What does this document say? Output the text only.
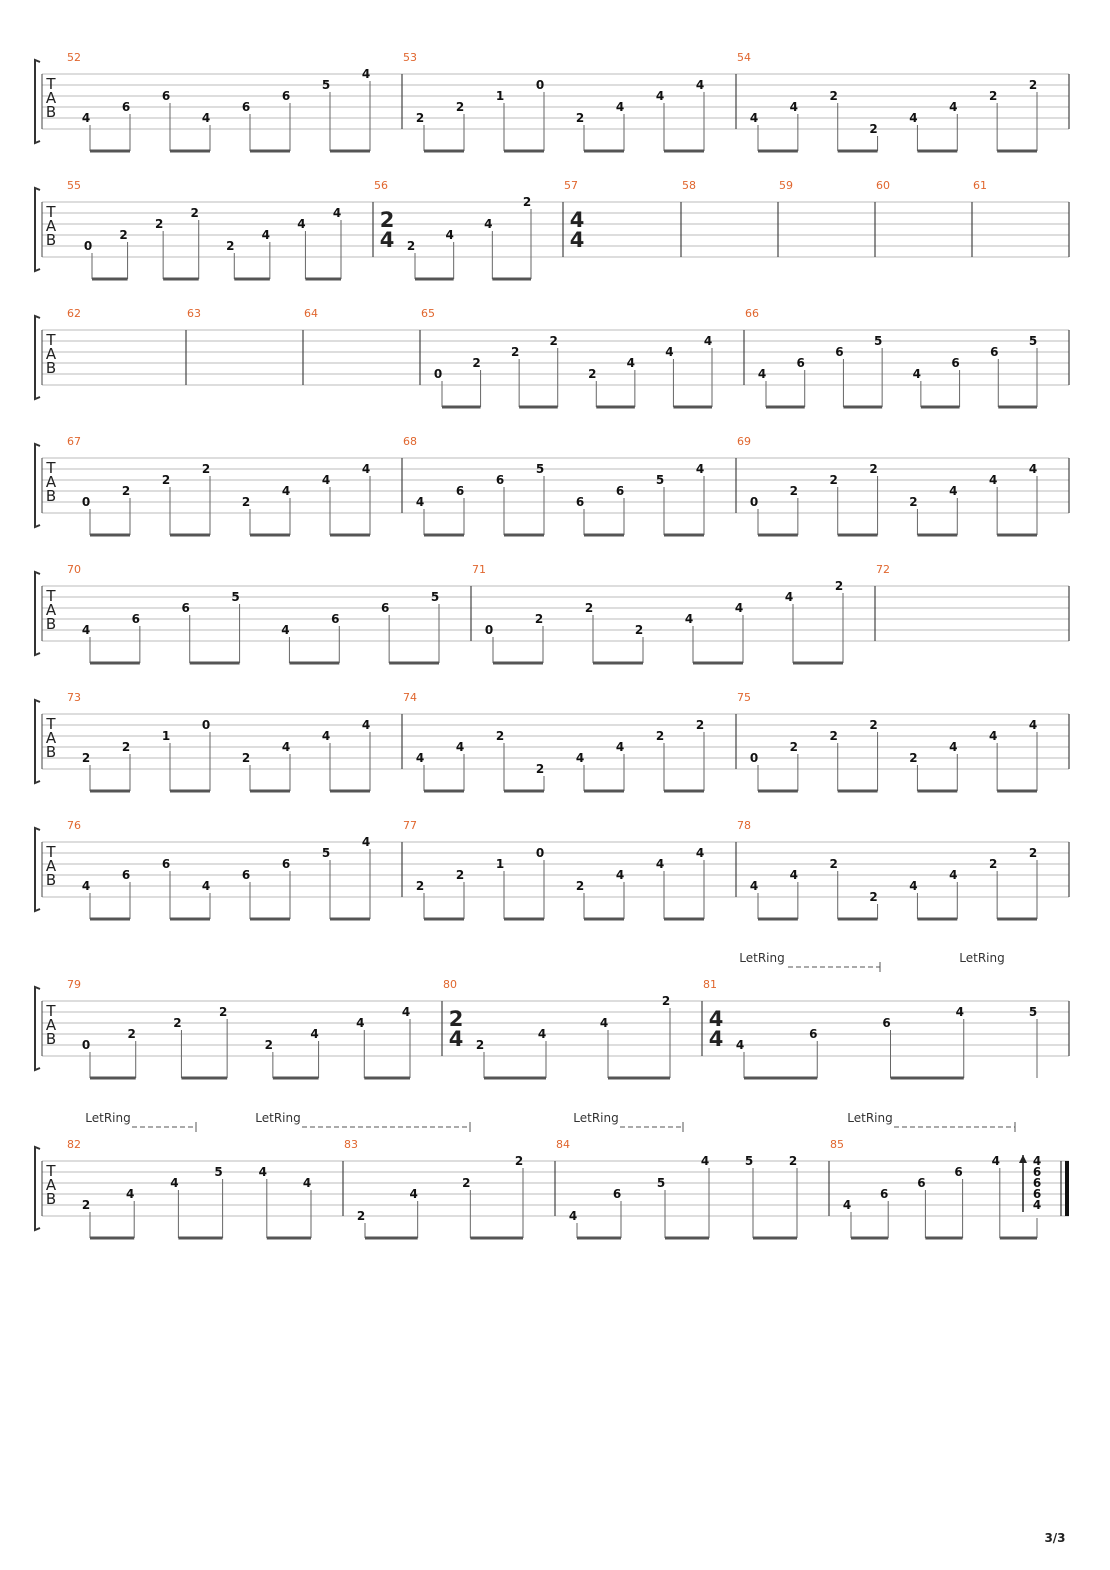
T
A
B
52
4
6
6
4
6
6
5
4
53
2
2
1
0
2
4
4
4
54
4
4
2
2
4
4
2
2
T
A
B
55
0
2
2
2
2
4
4
4
56
2
4 2
4
4
2
57
4
4
58	59	60	61
T
A
B
62	63	64	65
0
2
2
2
2
4
4
4
66
4
6
6
5
4
6
6
5
T
A
B
67
0
2
2
2
2
4
4
4
68
4
6
6
5
6
6
5
4
69
0
2
2
2
2
4
4
4
T
A
B
70
4
6
6
5
4
6
6
5
71
0
2
2
2
4
4
4
2
72
T
A
B
73
2
2
1
0
2
4
4
4
74
4
4
2
2
4
4
2
2
75
0
2
2
2
2
4
4
4
T
A
B
76
4
6
6
4
6
6
5
4
77
2
2
1
0
2
4
4
4
78
4
4
2
2
4
4
2
2
T
A
B
79
0
2
2
2
2
4
4
4
80
2
4 2
4
4
2
81
4
4 4
6
6
4	5
LetRing	LetRing
T
A
B
82
2
4
4
5	4
4
83
2
4
2
2
84
4
6
5
4	5	2
85
4
6
6
6
4	4
6
6
6
4
LetRing	LetRing	LetRing	LetRing
3/3
